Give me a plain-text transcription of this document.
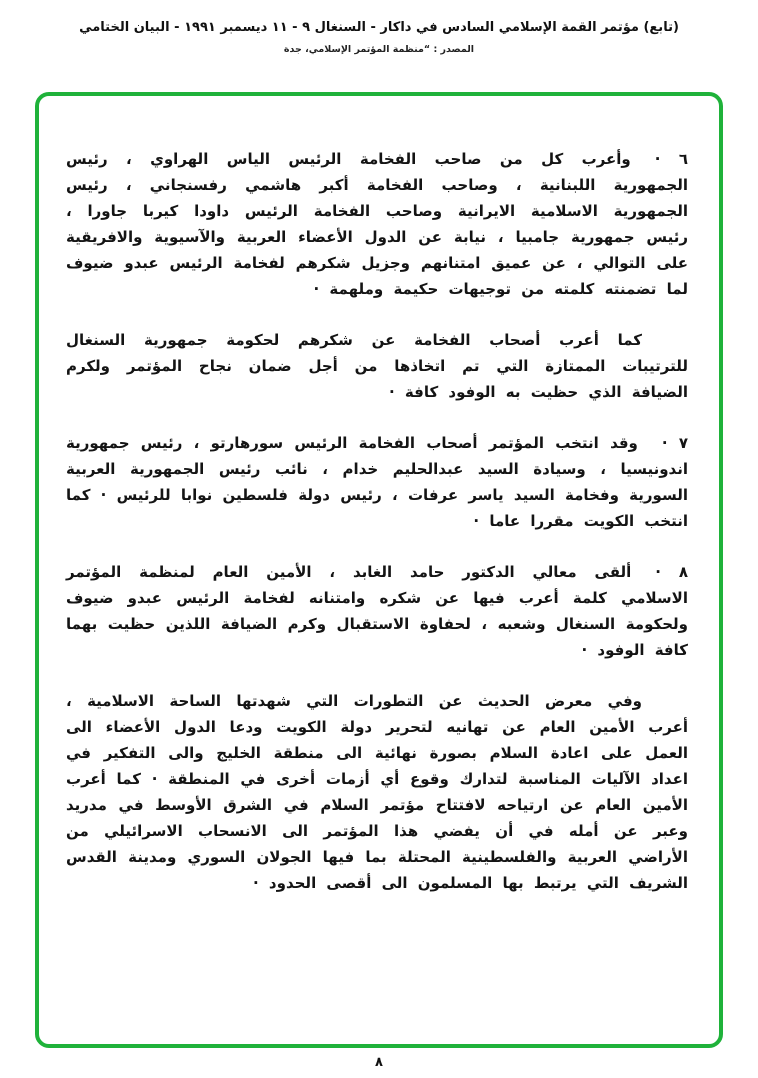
(تابع) مؤتمر القمة الإسلامي السادس في داكار - السنغال ٩ - ١١ ديسمبر ١٩٩١ - البيان الختامي
المصدر : “منظمة المؤتمر الإسلامي، جدة

٦ ·وأعرب كل من صاحب الفخامة الرئيس الياس الهراوي ، رئيس الجمهورية اللبنانية ، وصاحب الفخامة أكبر هاشمي رفسنجاني ، رئيس الجمهورية الاسلامية الايرانية وصاحب الفخامة الرئيس داودا كيربا جاورا ، رئيس جمهورية جامبيا ، نيابة عن الدول الأعضاء العربية والآسيوية والافريقية على التوالي ، عن عميق امتنانهم وجزيل شكرهم لفخامة الرئيس عبدو ضيوف لما تضمنته كلمته من توجيهات حكيمة وملهمة ·

كما أعرب أصحاب الفخامة عن شكرهم لحكومة جمهورية السنغال للترتيبات الممتازة التي تم اتخاذها من أجل ضمان نجاح المؤتمر ولكرم الضيافة الذي حظيت به الوفود كافة ·

٧ ·وقد انتخب المؤتمر أصحاب الفخامة الرئيس سورهارتو ، رئيس جمهورية اندونيسيا ، وسيادة السيد عبدالحليم خدام ، نائب رئيس الجمهورية العربية السورية وفخامة السيد ياسر عرفات ، رئيس دولة فلسطين نوابا للرئيس · كما انتخب الكويت مقررا عاما ·

٨ ·ألقى معالي الدكتور حامد الغابد ، الأمين العام لمنظمة المؤتمر الاسلامي كلمة أعرب فيها عن شكره وامتنانه لفخامة الرئيس عبدو ضيوف ولحكومة السنغال وشعبه ، لحفاوة الاستقبال وكرم الضيافة اللذين حظيت بهما كافة الوفود ·

وفي معرض الحديث عن التطورات التي شهدتها الساحة الاسلامية ، أعرب الأمين العام عن تهانيه لتحرير دولة الكويت ودعا الدول الأعضاء الى العمل على اعادة السلام بصورة نهائية الى منطقة الخليج والى التفكير في اعداد الآليات المناسبة لتدارك وقوع أي أزمات أخرى في المنطقة · كما أعرب الأمين العام عن ارتياحه لافتتاح مؤتمر السلام في الشرق الأوسط في مدريد وعبر عن أمله في أن يفضي هذا المؤتمر الى الانسحاب الاسرائيلي من الأراضي العربية والفلسطينية المحتلة بما فيها الجولان السوري ومدينة القدس الشريف التي يرتبط بها المسلمون الى أقصى الحدود ·

٨
